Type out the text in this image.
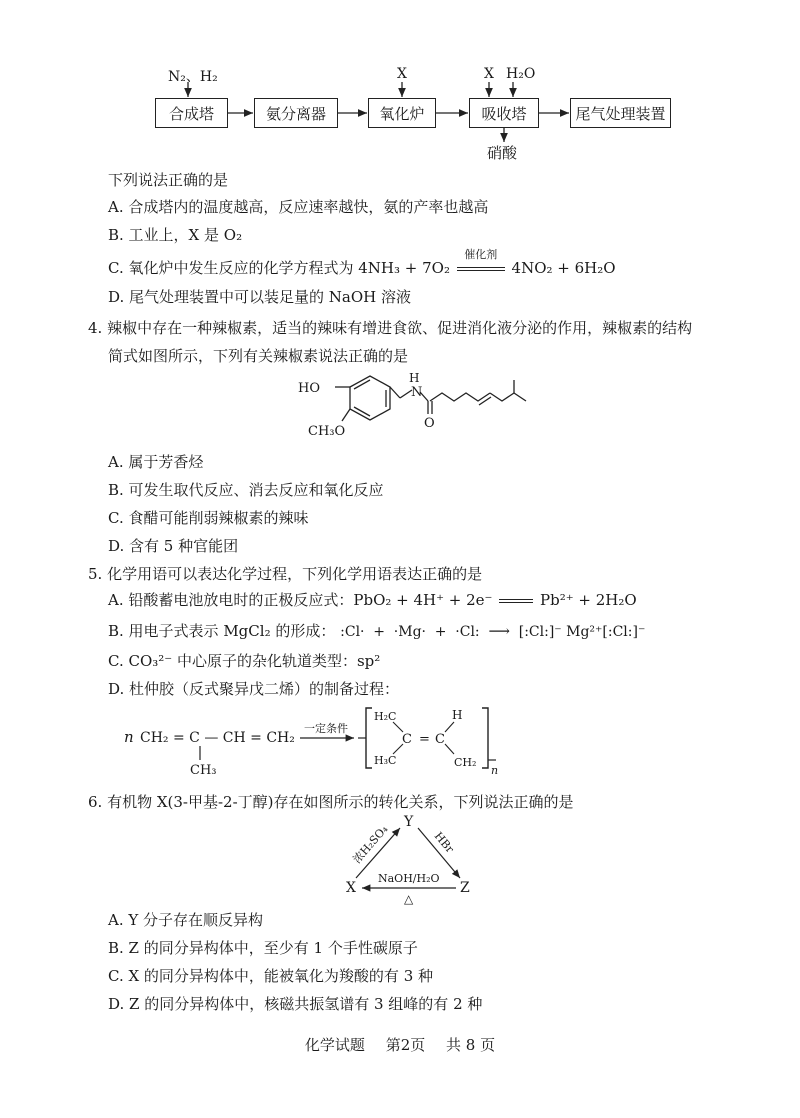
N₂、H₂	X	X H₂O
合成塔	氨分离器	氧化炉	吸收塔	尾气处理装置
硝酸
下列说法正确的是
A. 合成塔内的温度越高，反应速率越快，氨的产率也越高
B. 工业上，X 是 O₂
C. 氧化炉中发生反应的化学方程式为 4NH₃ + 7O₂
催化剂
4NO₂ + 6H₂O
D. 尾气处理装置中可以装足量的 NaOH 溶液
4. 辣椒中存在一种辣椒素，适当的辣味有增进食欲、促进消化液分泌的作用，辣椒素的结构
简式如图所示，下列有关辣椒素说法正确的是
HO
CH₃O
N
H
O
A. 属于芳香烃
B. 可发生取代反应、消去反应和氧化反应
C. 食醋可能削弱辣椒素的辣味
D. 含有 5 种官能团
5. 化学用语可以表达化学过程，下列化学用语表达正确的是
A. 铅酸蓄电池放电时的正极反应式：PbO₂ + 4H⁺ + 2e⁻	Pb²⁺ + 2H₂O
B. 用电子式表示 MgCl₂ 的形成： :Cl· + ·Mg· + ·Cl: ⟶ [:Cl:]⁻ Mg²⁺[:Cl:]⁻
C. CO₃²⁻ 中心原子的杂化轨道类型：sp²
D. 杜仲胶（反式聚异戊二烯）的制备过程：
n CH₂ = C — CH = CH₂
CH₃
一定条件
H₂C
H₃C
C = C
H
CH₂
n
6. 有机物 X(3-甲基-2-丁醇)存在如图所示的转化关系，下列说法正确的是
Y
X	Z
浓H₂SO₄	HBr
NaOH/H₂O
△
A. Y 分子存在顺反异构
B. Z 的同分异构体中，至少有 1 个手性碳原子
C. X 的同分异构体中，能被氧化为羧酸的有 3 种
D. Z 的同分异构体中，核磁共振氢谱有 3 组峰的有 2 种
化学试题 第2页 共 8 页
